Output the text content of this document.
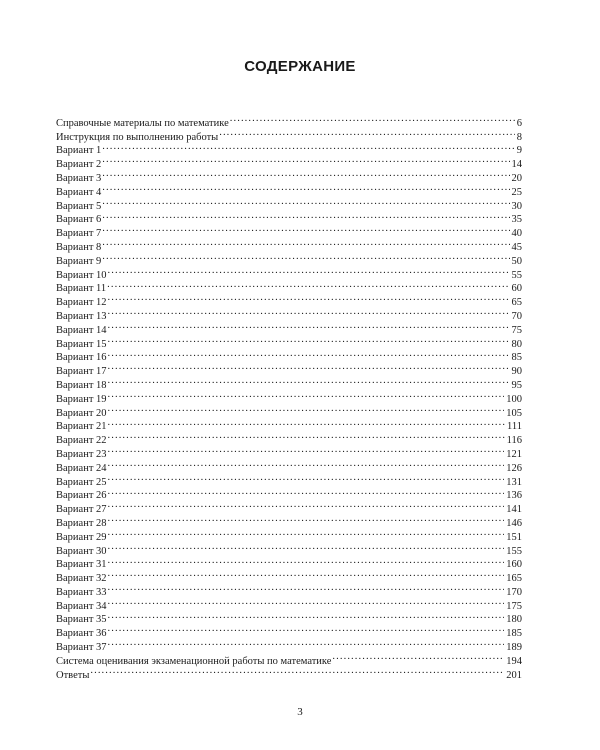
СОДЕРЖАНИЕ
Справочные материалы по математике .....	6
Инструкция по выполнению работы .....	8
Вариант 1 .....	9
Вариант 2 .....	14
Вариант 3 .....	20
Вариант 4 .....	25
Вариант 5 .....	30
Вариант 6 .....	35
Вариант 7 .....	40
Вариант 8 .....	45
Вариант 9 .....	50
Вариант 10 .....	55
Вариант 11 .....	60
Вариант 12 .....	65
Вариант 13 .....	70
Вариант 14 .....	75
Вариант 15 .....	80
Вариант 16 .....	85
Вариант 17 .....	90
Вариант 18 .....	95
Вариант 19 .....	100
Вариант 20 .....	105
Вариант 21 .....	111
Вариант 22 .....	116
Вариант 23 .....	121
Вариант 24 .....	126
Вариант 25 .....	131
Вариант 26 .....	136
Вариант 27 .....	141
Вариант 28 .....	146
Вариант 29 .....	151
Вариант 30 .....	155
Вариант 31 .....	160
Вариант 32 .....	165
Вариант 33 .....	170
Вариант 34 .....	175
Вариант 35 .....	180
Вариант 36 .....	185
Вариант 37 .....	189
Система оценивания экзаменационной работы по математике .....	194
Ответы .....	201
3
